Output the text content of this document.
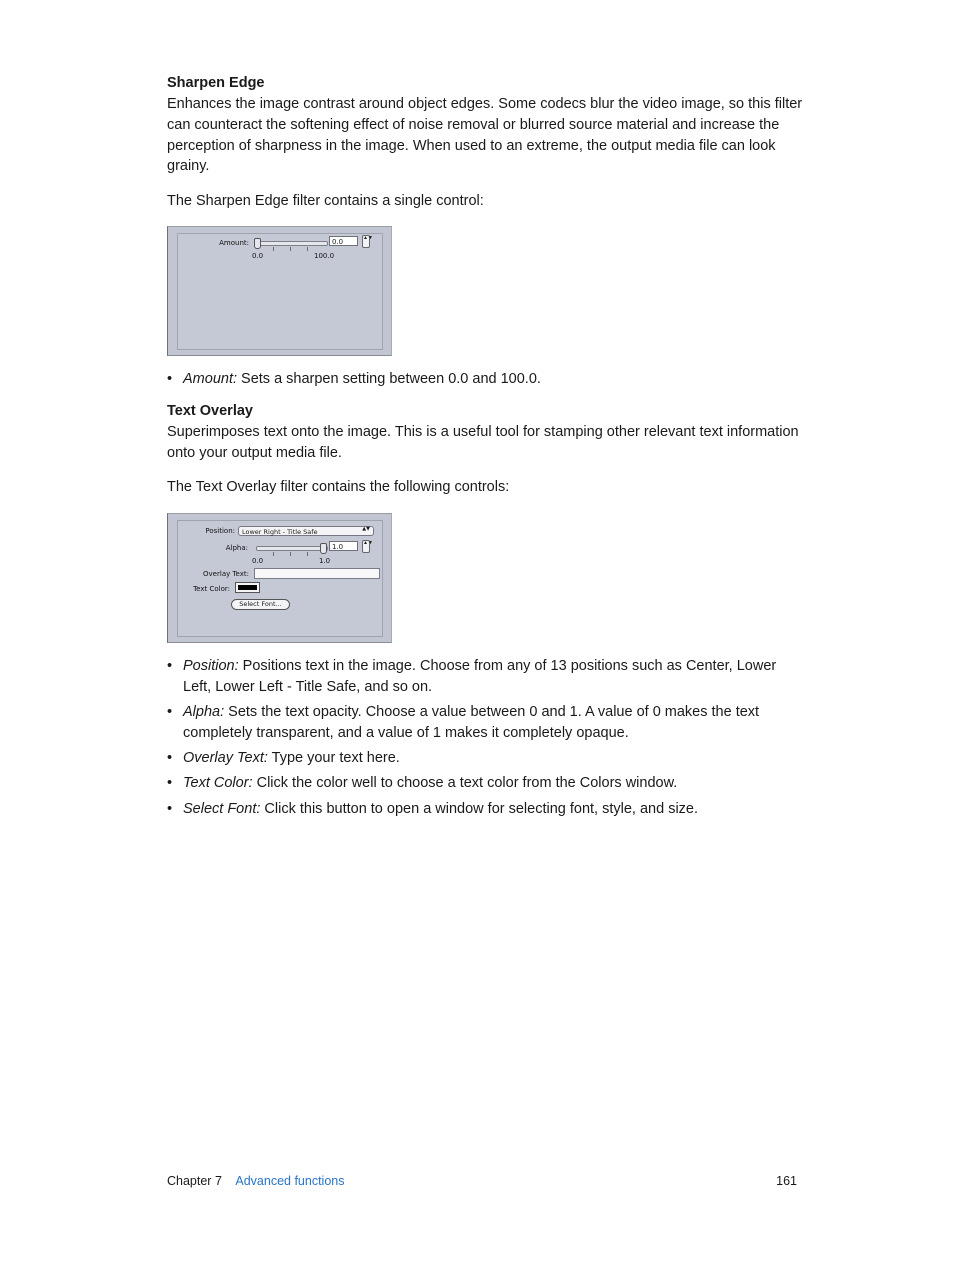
Sharpen Edge

Enhances the image contrast around object edges. Some codecs blur the video image, so this filter can counteract the softening effect of noise removal or blurred source material and increase the perception of sharpness in the image. When used to an extreme, the output media file can look grainy.

The Sharpen Edge filter contains a single control:

Amount:
0.0	100.0
0.0	▲▼
• Amount: Sets a sharpen setting between 0.0 and 100.0.

Text Overlay

Superimposes text onto the image. This is a useful tool for stamping other relevant text information onto your output media file.

The Text Overlay filter contains the following controls:

Position:	Lower Right - Title Safe	▲▼
Alpha:
0.0	1.0
1.0	▲▼
Overlay Text:
Text Color:
Select Font...
• Position: Positions text in the image. Choose from any of 13 positions such as Center, Lower Left, Lower Left - Title Safe, and so on.
• Alpha: Sets the text opacity. Choose a value between 0 and 1. A value of 0 makes the text completely transparent, and a value of 1 makes it completely opaque.
• Overlay Text: Type your text here.
• Text Color: Click the color well to choose a text color from the Colors window.
• Select Font: Click this button to open a window for selecting font, style, and size.
Chapter 7 Advanced functions	161
